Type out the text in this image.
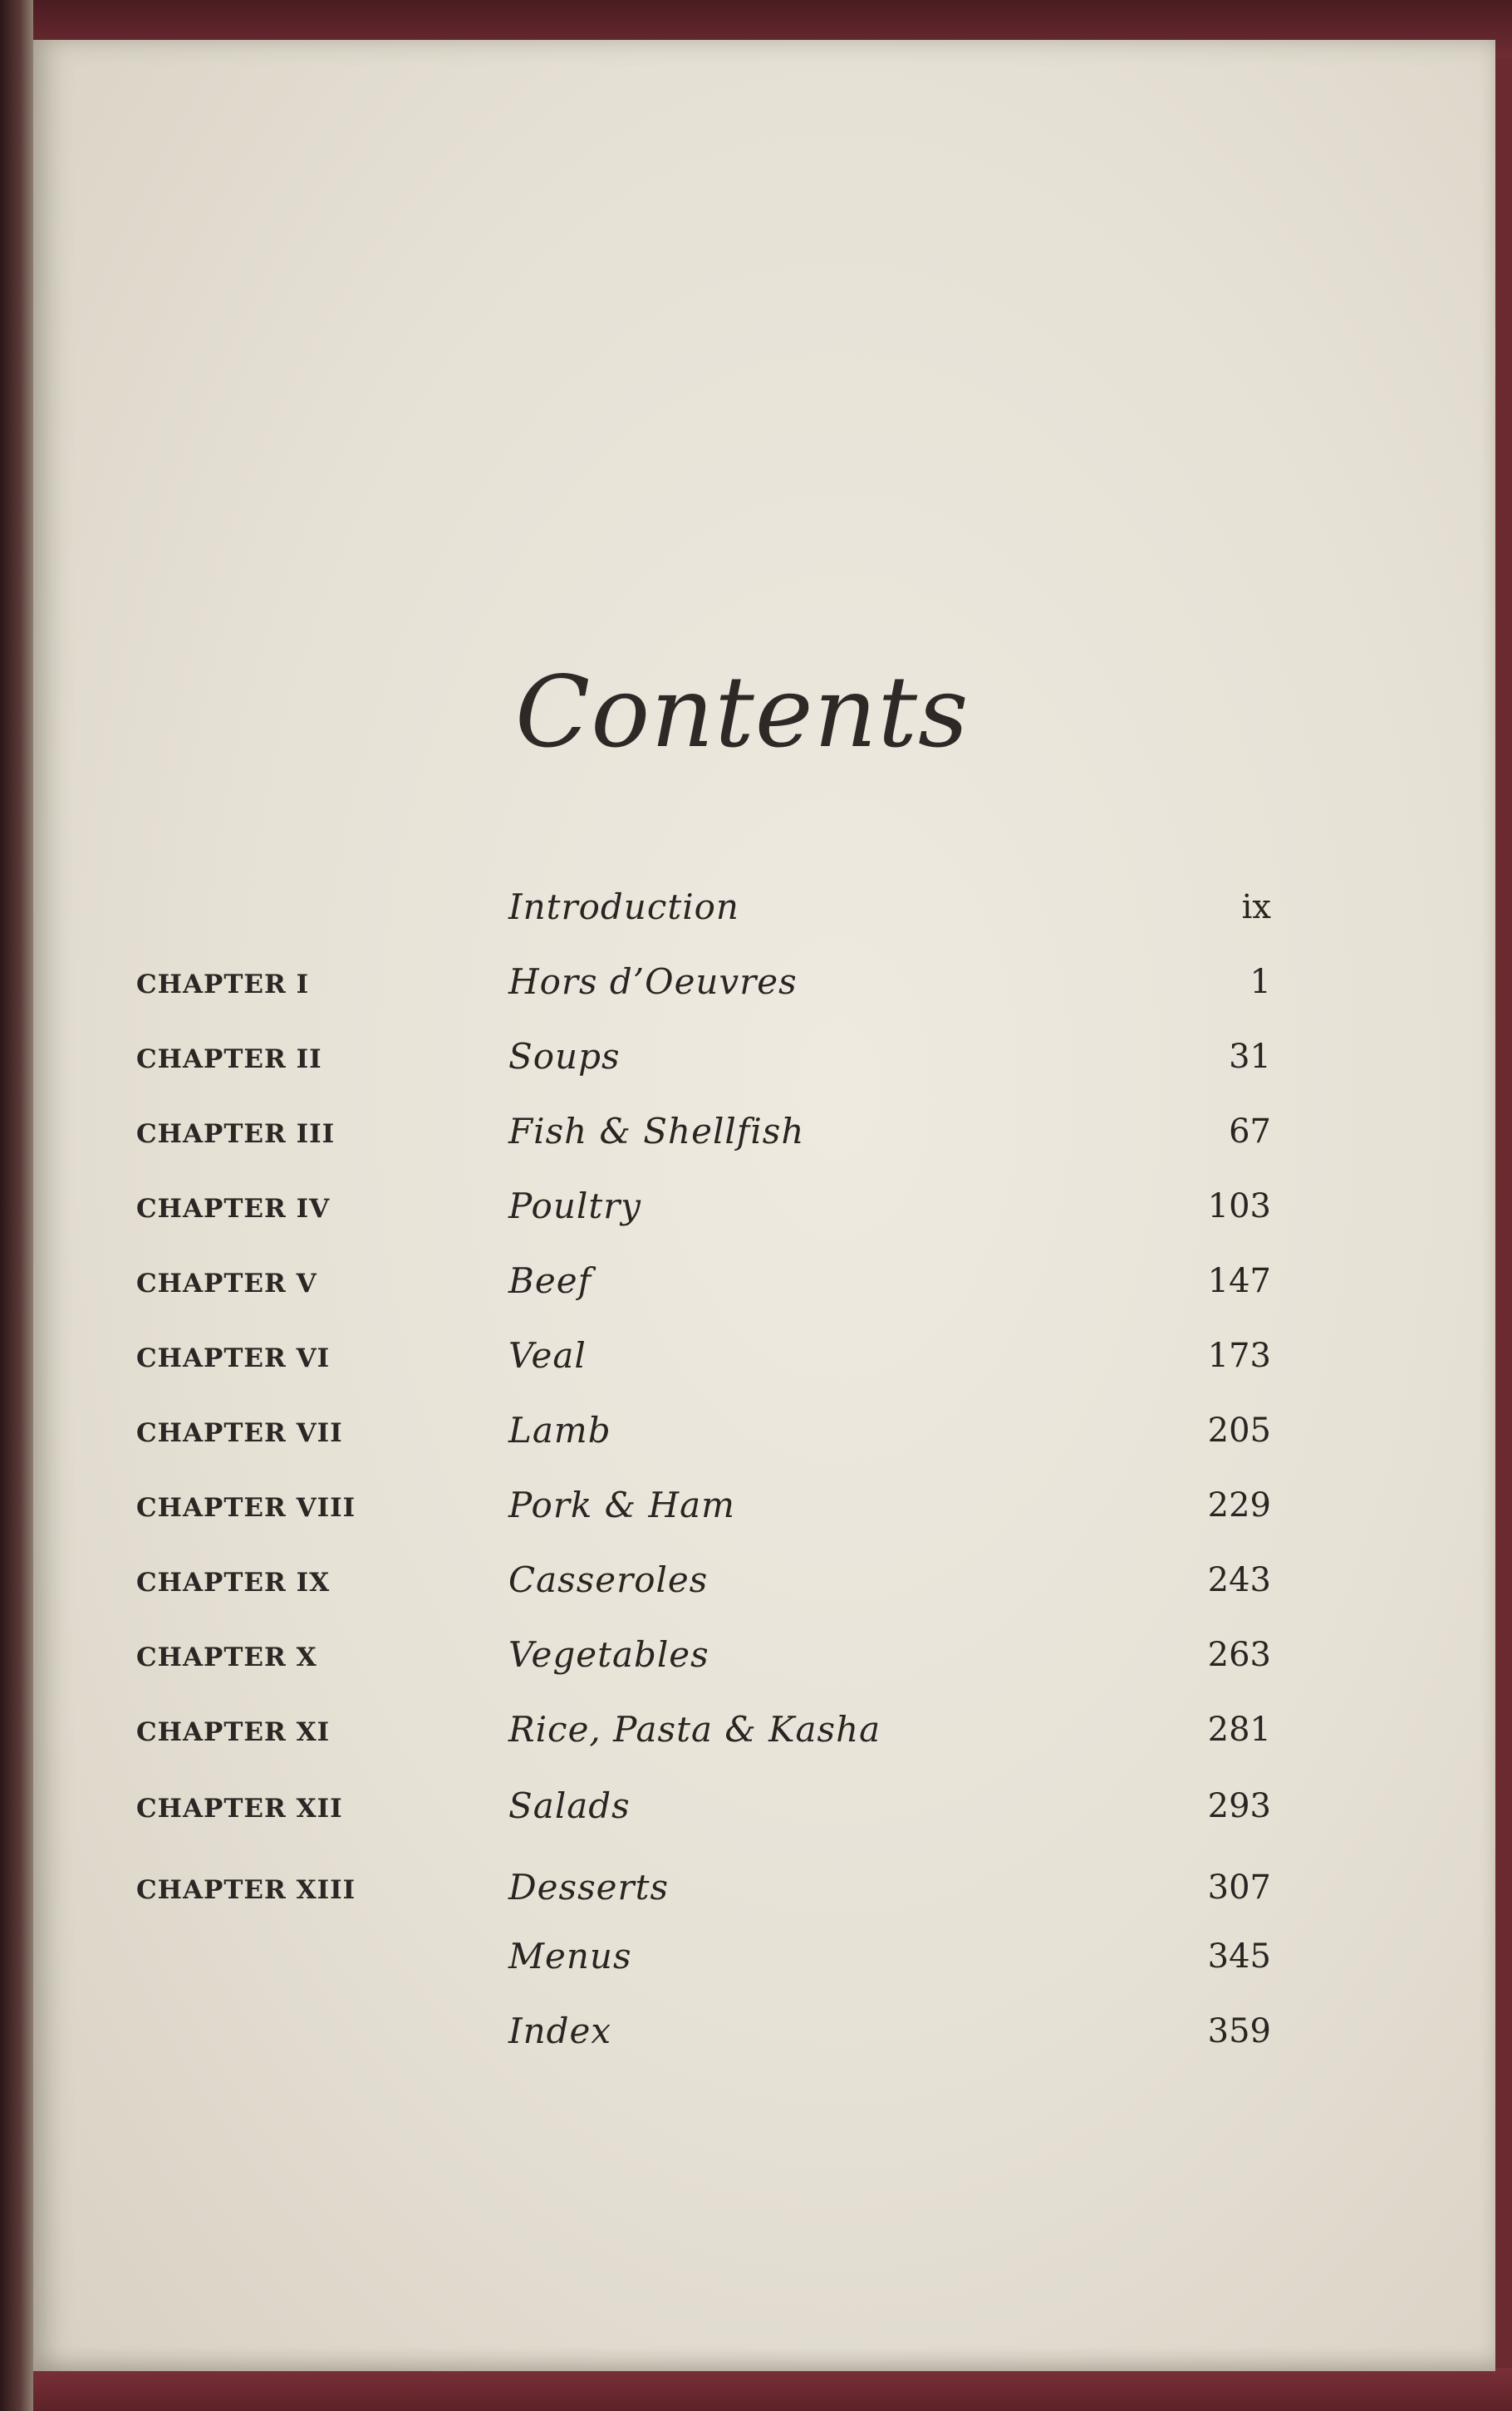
Contents
Introduction	ix
CHAPTER I	Hors d’Oeuvres	1
CHAPTER II	Soups	31
CHAPTER III	Fish & Shellfish	67
CHAPTER IV	Poultry	103
CHAPTER V	Beef	147
CHAPTER VI	Veal	173
CHAPTER VII	Lamb	205
CHAPTER VIII	Pork & Ham	229
CHAPTER IX	Casseroles	243
CHAPTER X	Vegetables	263
CHAPTER XI	Rice, Pasta & Kasha	281
CHAPTER XII	Salads	293
CHAPTER XIII	Desserts	307
Menus	345
Index	359
